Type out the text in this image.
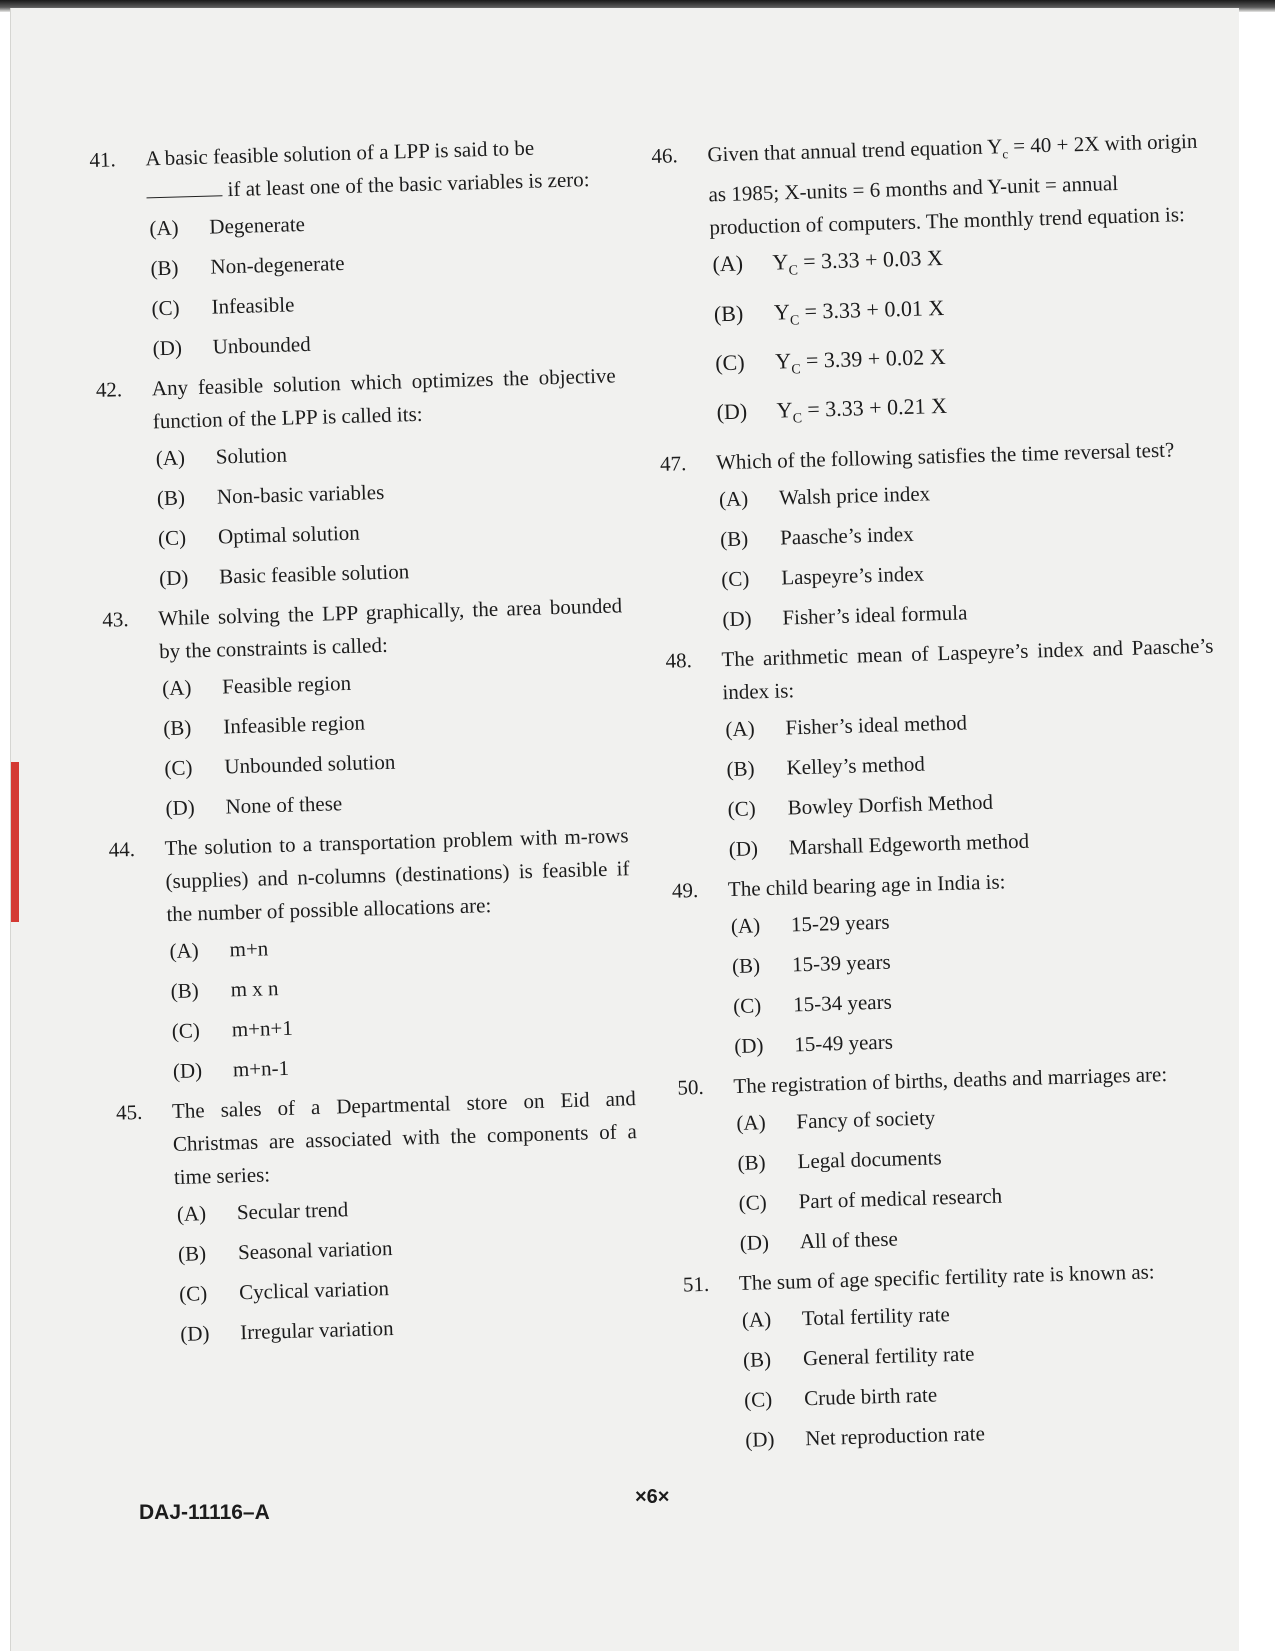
41.	A basic feasible solution of a LPP is said to be
if at least one of the basic variables is zero:
(A)	Degenerate
(B)	Non-degenerate
(C)	Infeasible
(D)	Unbounded
42.	Any feasible solution which optimizes the objective function of the LPP is called its:
(A)	Solution
(B)	Non-basic variables
(C)	Optimal solution
(D)	Basic feasible solution
43.	While solving the LPP graphically, the area bounded by the constraints is called:
(A)	Feasible region
(B)	Infeasible region
(C)	Unbounded solution
(D)	None of these
44.	The solution to a transportation problem with m-rows (supplies) and n-columns (destinations) is feasible if the number of possible allocations are:
(A)	m+n
(B)	m x n
(C)	m+n+1
(D)	m+n-1
45.	The sales of a Departmental store on Eid and Christmas are associated with the components of a time series:
(A)	Secular trend
(B)	Seasonal variation
(C)	Cyclical variation
(D)	Irregular variation
46.	Given that annual trend equation $Y_c = 40 + 2X$ with origin as 1985; X-units = 6 months and Y-unit = annual production of computers. The monthly trend equation is:
(A)	$Y_C = 3.33 + 0.03$ X
(B)	$Y_C = 3.33 + 0.01$ X
(C)	$Y_C = 3.39 + 0.02$ X
(D)	$Y_C = 3.33 + 0.21$ X
47.	Which of the following satisfies the time reversal test?
(A)	Walsh price index
(B)	Paasche’s index
(C)	Laspeyre’s index
(D)	Fisher’s ideal formula
48.	The arithmetic mean of Laspeyre’s index and Paasche’s index is:
(A)	Fisher’s ideal method
(B)	Kelley’s method
(C)	Bowley Dorfish Method
(D)	Marshall Edgeworth method
49.	The child bearing age in India is:
(A)	15-29 years
(B)	15-39 years
(C)	15-34 years
(D)	15-49 years
50.	The registration of births, deaths and marriages are:
(A)	Fancy of society
(B)	Legal documents
(C)	Part of medical research
(D)	All of these
51.	The sum of age specific fertility rate is known as:
(A)	Total fertility rate
(B)	General fertility rate
(C)	Crude birth rate
(D)	Net reproduction rate
DAJ-11116–A
×6×
